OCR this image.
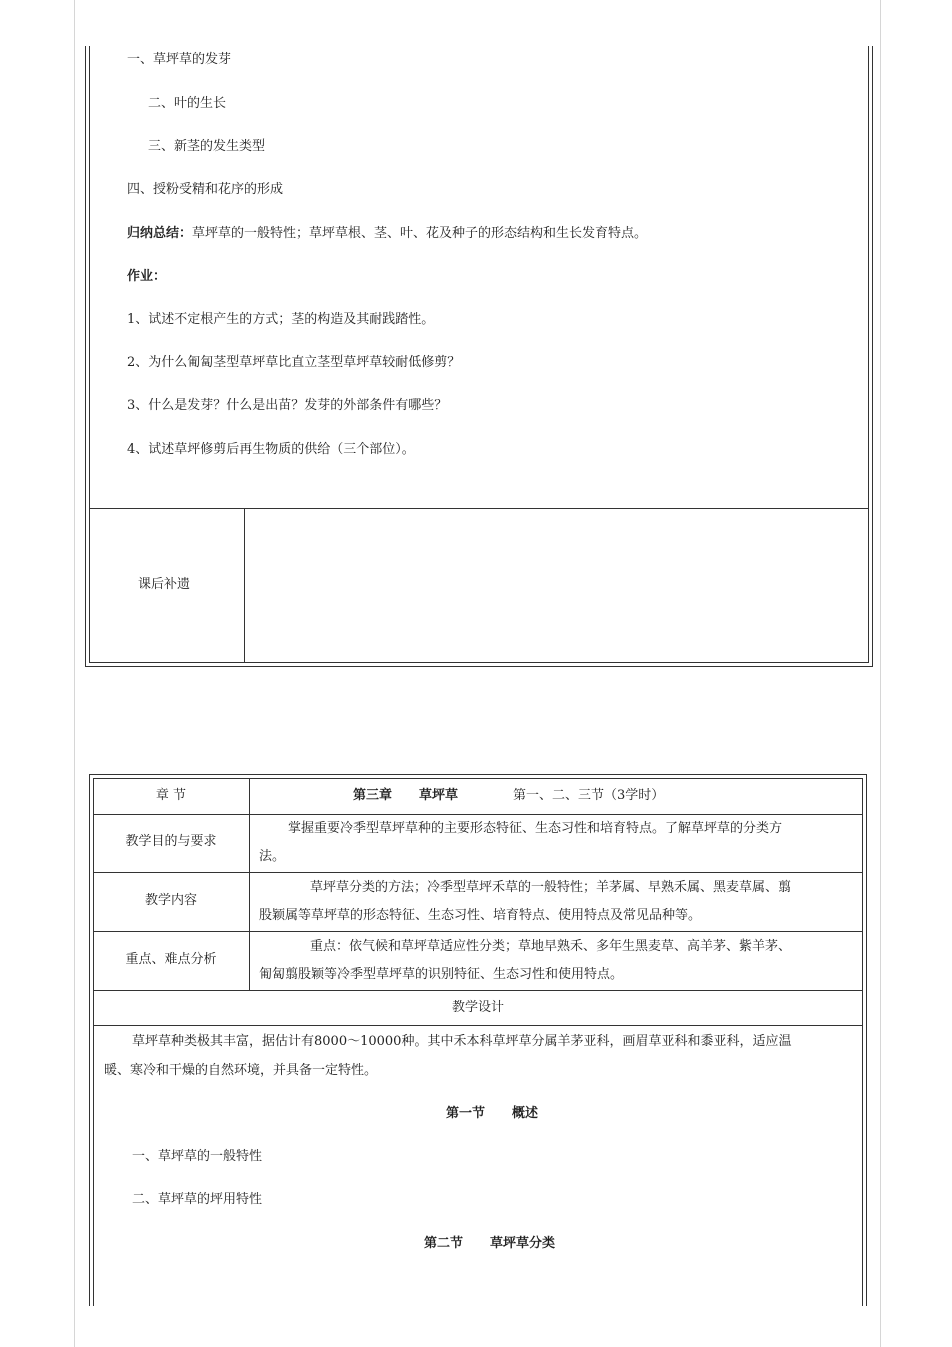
一、草坪草的发芽
二、叶的生长
三、新茎的发生类型
四、授粉受精和花序的形成
归纳总结：草坪草的一般特性；草坪草根、茎、叶、花及种子的形态结构和生长发育特点。
作业：
1、试述不定根产生的方式；茎的构造及其耐践踏性。
2、为什么匍匐茎型草坪草比直立茎型草坪草较耐低修剪？
3、什么是发芽？什么是出苗？发芽的外部条件有哪些？
4、试述草坪修剪后再生物质的供给（三个部位）。
课后补遗
章 节	第三章 草坪草	第一、二、三节（3学时）
教学目的与要求
掌握重要冷季型草坪草种的主要形态特征、生态习性和培育特点。了解草坪草的分类方
法。
教学内容
草坪草分类的方法；冷季型草坪禾草的一般特性；羊茅属、早熟禾属、黑麦草属、翦
股颖属等草坪草的形态特征、生态习性、培育特点、使用特点及常见品种等。
重点、难点分析
重点：依气候和草坪草适应性分类；草地早熟禾、多年生黑麦草、高羊茅、紫羊茅、
匍匐翦股颖等冷季型草坪草的识别特征、生态习性和使用特点。
教学设计
草坪草种类极其丰富，据估计有8000～10000种。其中禾本科草坪草分属羊茅亚科，画眉草亚科和黍亚科，适应温
暖、寒冷和干燥的自然环境，并具备一定特性。
第一节 概述
一、草坪草的一般特性
二、草坪草的坪用特性
第二节 草坪草分类
